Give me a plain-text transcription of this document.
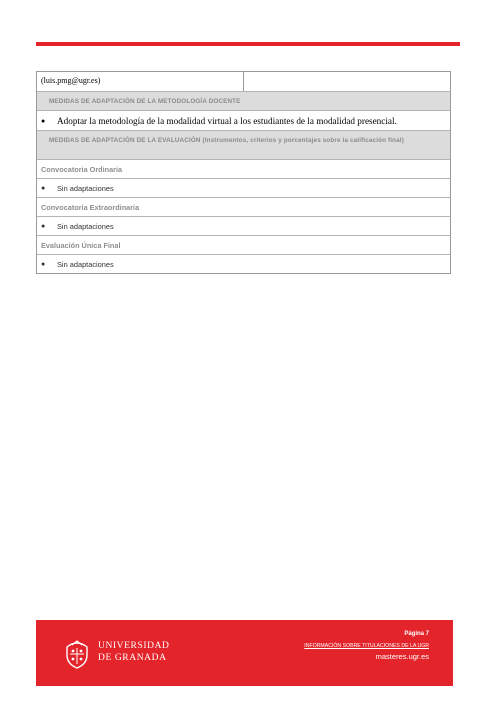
(luis.pmg@ugr.es)
MEDIDAS DE ADAPTACIÓN DE LA METODOLOGÍA DOCENTE
●	Adoptar la metodología de la modalidad virtual a los estudiantes de la modalidad presencial.
MEDIDAS DE ADAPTACIÓN DE LA EVALUACIÓN (Instrumentos, criterios y porcentajes sobre la calificación final)
Convocatoria Ordinaria
●	Sin adaptaciones
Convocatoria Extraordinaria
●	Sin adaptaciones
Evaluación Única Final
●	Sin adaptaciones
UNIVERSIDAD
DE GRANADA
Página 7
INFORMACIÓN SOBRE TITULACIONES DE LA UGR
masteres.ugr.es
